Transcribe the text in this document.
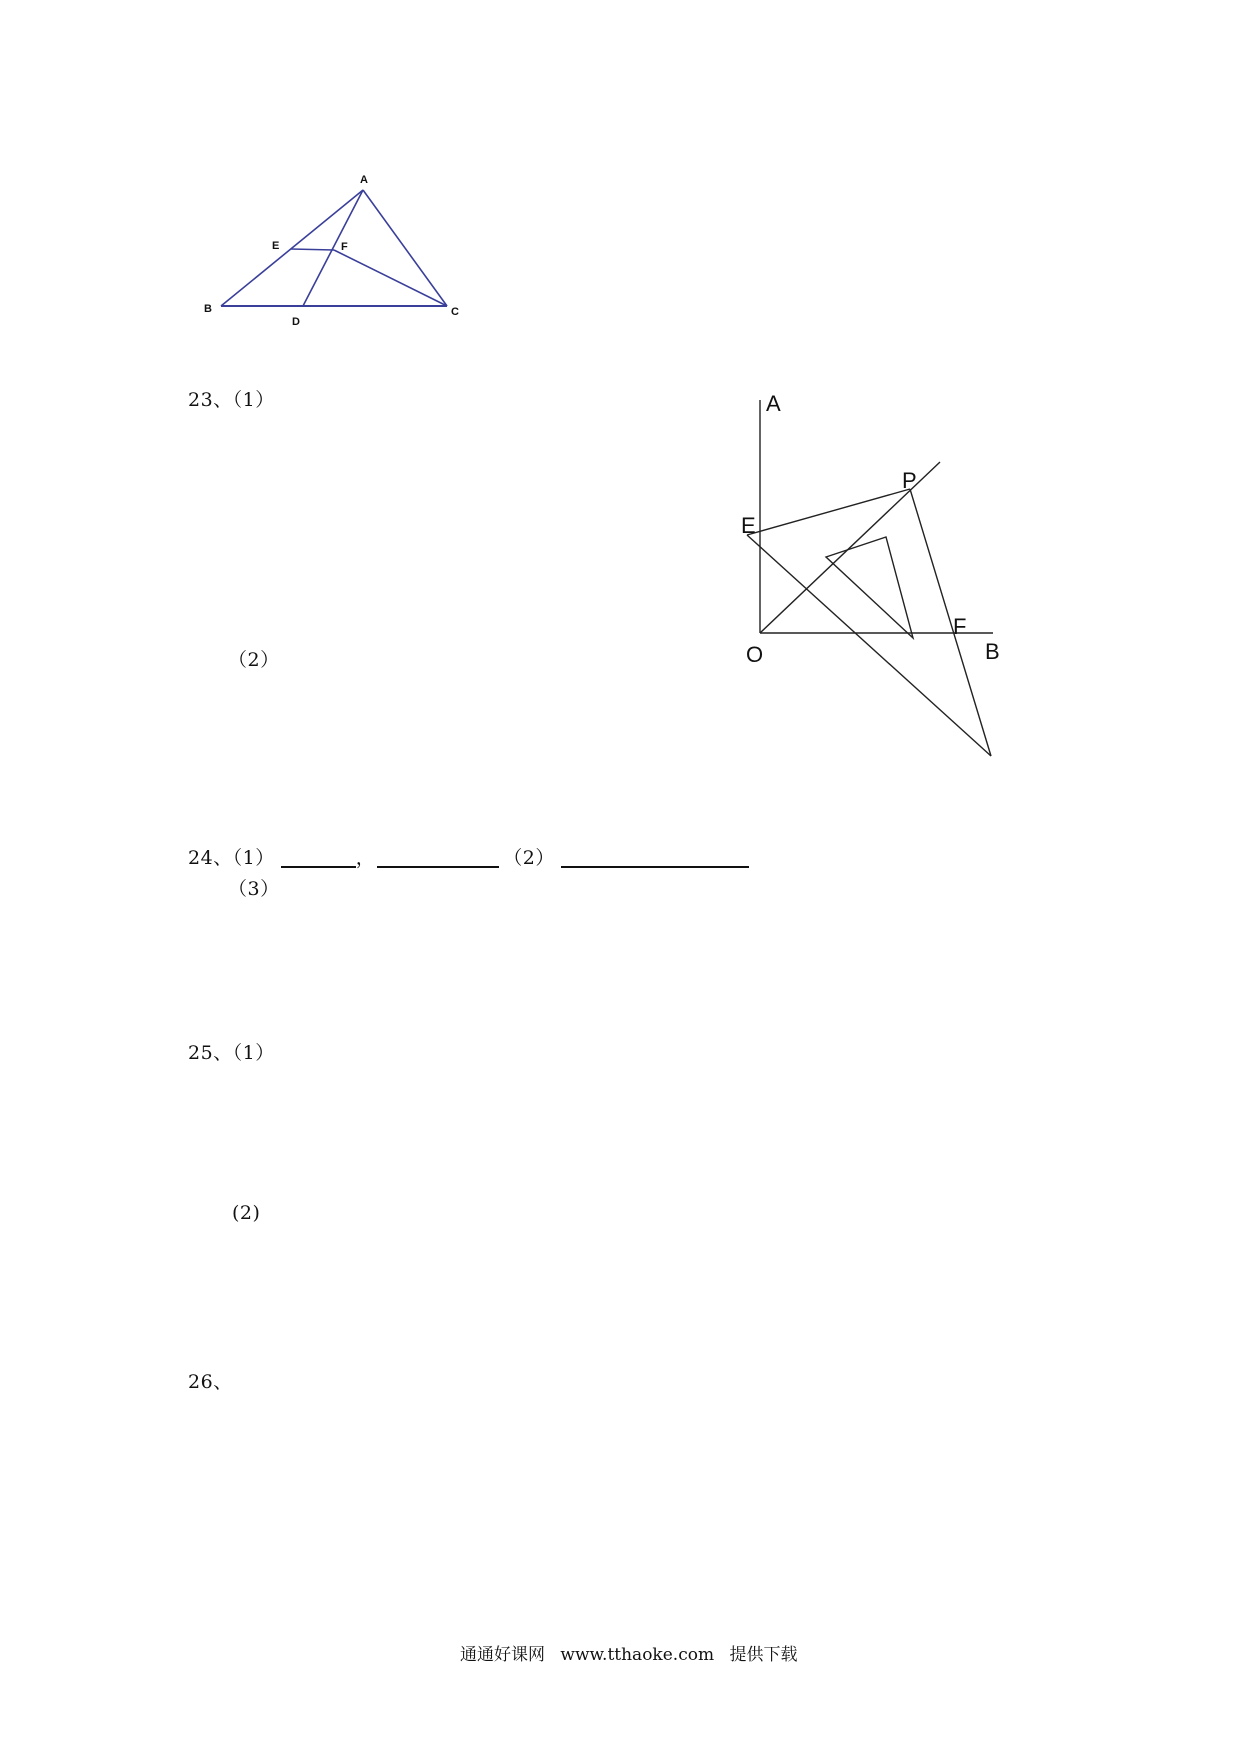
A
B	C
D
E	F
23、（1）
（2）
A
P
E
O
F
B
24、（1）	，	（2）
（3）
25、（1）
(2)
26、
通通好课网 www.tthaoke.com 提供下载
